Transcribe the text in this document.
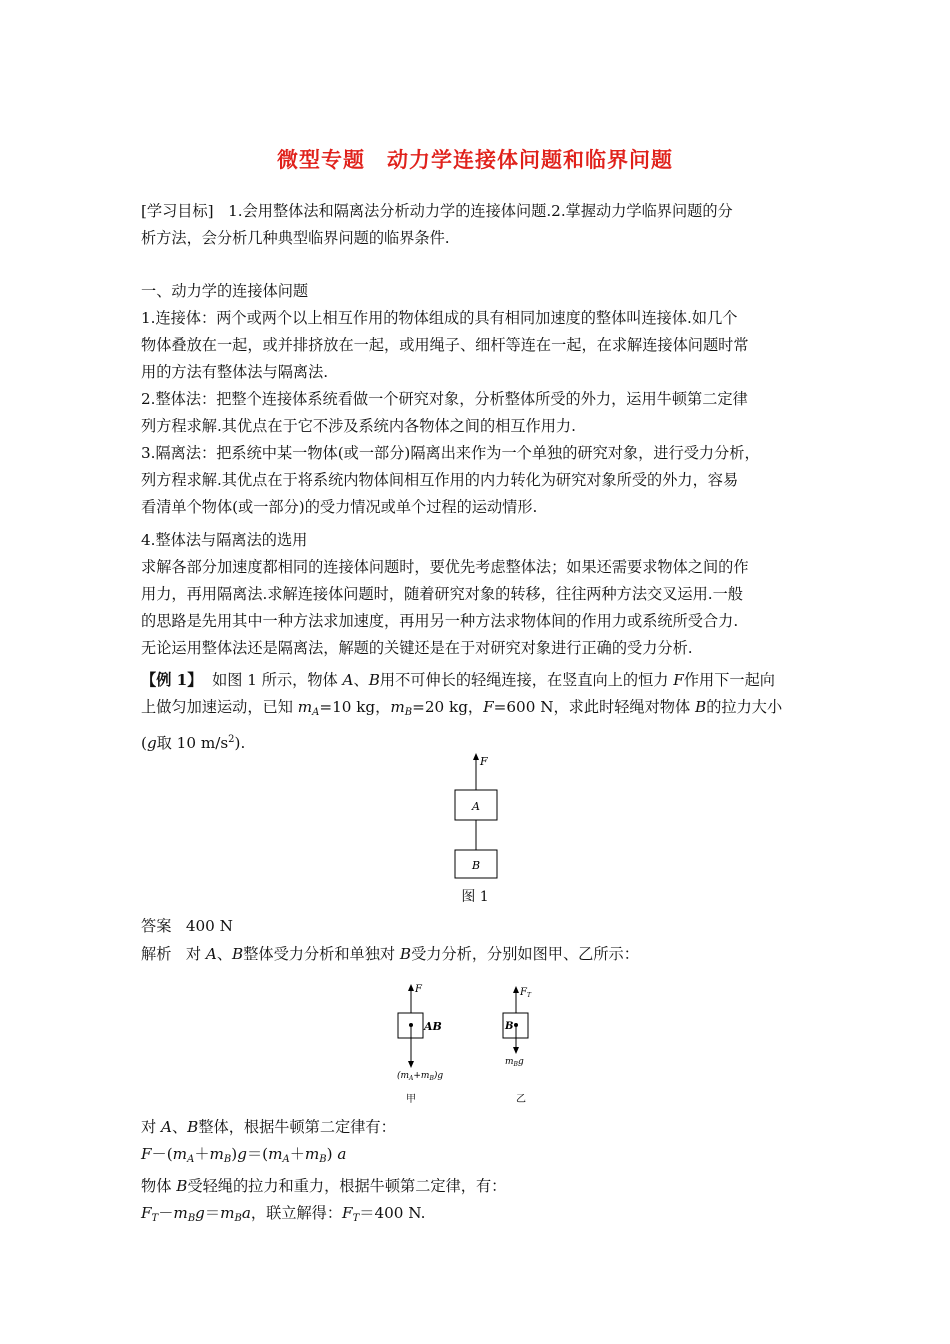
微型专题 动力学连接体问题和临界问题
[学习目标] 1.会用整体法和隔离法分析动力学的连接体问题.2.掌握动力学临界问题的分
析方法，会分析几种典型临界问题的临界条件.
一、动力学的连接体问题
1.连接体：两个或两个以上相互作用的物体组成的具有相同加速度的整体叫连接体.如几个
物体叠放在一起，或并排挤放在一起，或用绳子、细杆等连在一起，在求解连接体问题时常
用的方法有整体法与隔离法.
2.整体法：把整个连接体系统看做一个研究对象，分析整体所受的外力，运用牛顿第二定律
列方程求解.其优点在于它不涉及系统内各物体之间的相互作用力.
3.隔离法：把系统中某一物体(或一部分)隔离出来作为一个单独的研究对象，进行受力分析，
列方程求解.其优点在于将系统内物体间相互作用的内力转化为研究对象所受的外力，容易
看清单个物体(或一部分)的受力情况或单个过程的运动情形.
4.整体法与隔离法的选用
求解各部分加速度都相同的连接体问题时，要优先考虑整体法；如果还需要求物体之间的作
用力，再用隔离法.求解连接体问题时，随着研究对象的转移，往往两种方法交叉运用.一般
的思路是先用其中一种方法求加速度，再用另一种方法求物体间的作用力或系统所受合力.
无论运用整体法还是隔离法，解题的关键还是在于对研究对象进行正确的受力分析.
【例 1】 如图 1 所示，物体 A、B用不可伸长的轻绳连接，在竖直向上的恒力 F作用下一起向
上做匀加速运动，已知 $m_A=10$ kg，$m_B=20$ kg，F=600 N，求此时轻绳对物体 B的拉力大小
(g取 10 $m/s^2$).
F
A
B
图 1
答案 400 N
解析 对 A、B整体受力分析和单独对 B受力分析，分别如图甲、乙所示：
F
AB
$(m_A+m_B)g$
甲
$F_T$
B
$m_Bg$
乙
对 A、B整体，根据牛顿第二定律有：
$F-(m_A+m_B)g=(m_A+m_B)$ a
物体 B受轻绳的拉力和重力，根据牛顿第二定律，有：
$F_T-m_Bg=m_Ba$，联立解得：$F_T=400$ N.
